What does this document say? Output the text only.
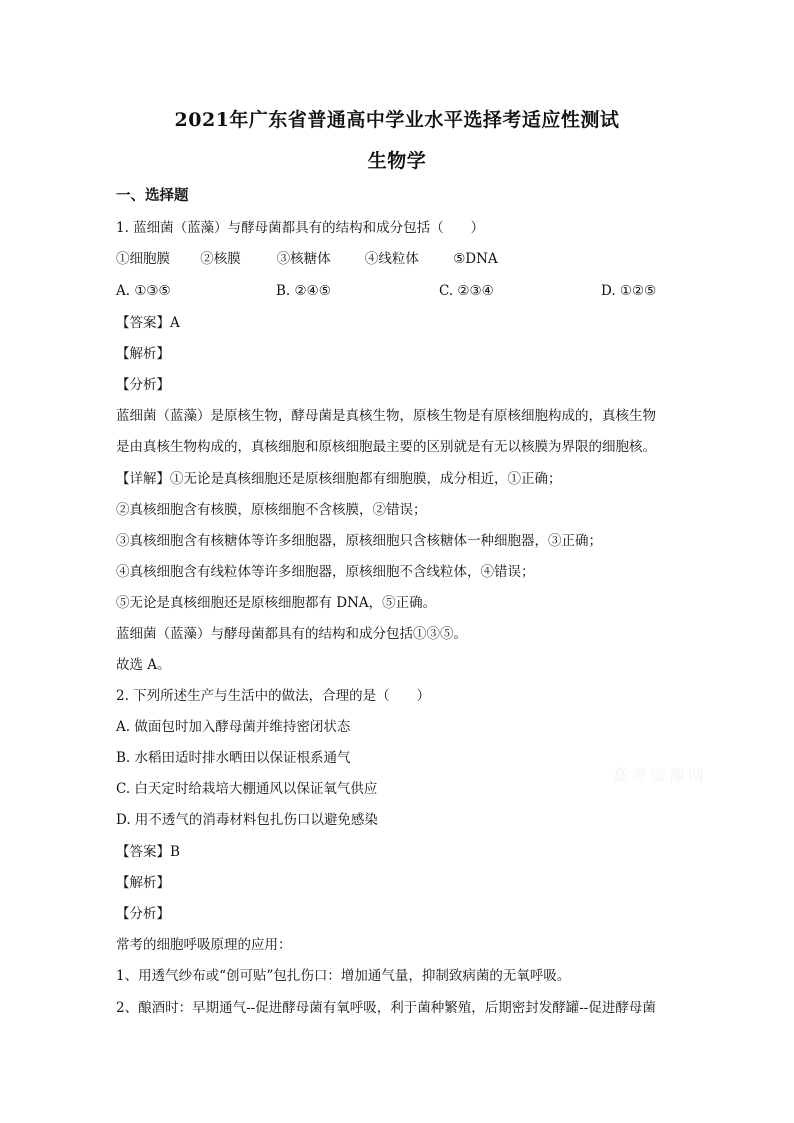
2021年广东省普通高中学业水平选择考适应性测试
生物学
一、选择题
1. 蓝细菌（蓝藻）与酵母菌都具有的结构和成分包括（　　）
①细胞膜 ②核膜	③核糖体	④线粒体	⑤DNA
A. ①③⑤	B. ②④⑤	C. ②③④	D. ①②⑤
【答案】A
【解析】
【分析】
蓝细菌（蓝藻）是原核生物，酵母菌是真核生物，原核生物是有原核细胞构成的，真核生物
是由真核生物构成的，真核细胞和原核细胞最主要的区别就是有无以核膜为界限的细胞核。
【详解】①无论是真核细胞还是原核细胞都有细胞膜，成分相近，①正确；
②真核细胞含有核膜，原核细胞不含核膜，②错误；
③真核细胞含有核糖体等许多细胞器，原核细胞只含核糖体一种细胞器，③正确；
④真核细胞含有线粒体等许多细胞器，原核细胞不含线粒体，④错误；
⑤无论是真核细胞还是原核细胞都有 DNA，⑤正确。
蓝细菌（蓝藻）与酵母菌都具有的结构和成分包括①③⑤。
故选 A。
2. 下列所述生产与生活中的做法，合理的是（　　）
A. 做面包时加入酵母菌并维持密闭状态
B. 水稻田适时排水晒田以保证根系通气
C. 白天定时给栽培大棚通风以保证氧气供应
D. 用不透气的消毒材料包扎伤口以避免感染
【答案】B
【解析】
【分析】
常考的细胞呼吸原理的应用：
1、用透气纱布或“创可贴”包扎伤口：增加通气量，抑制致病菌的无氧呼吸。
2、酿酒时：早期通气--促进酵母菌有氧呼吸，利于菌种繁殖，后期密封发酵罐--促进酵母菌
高考资源网
